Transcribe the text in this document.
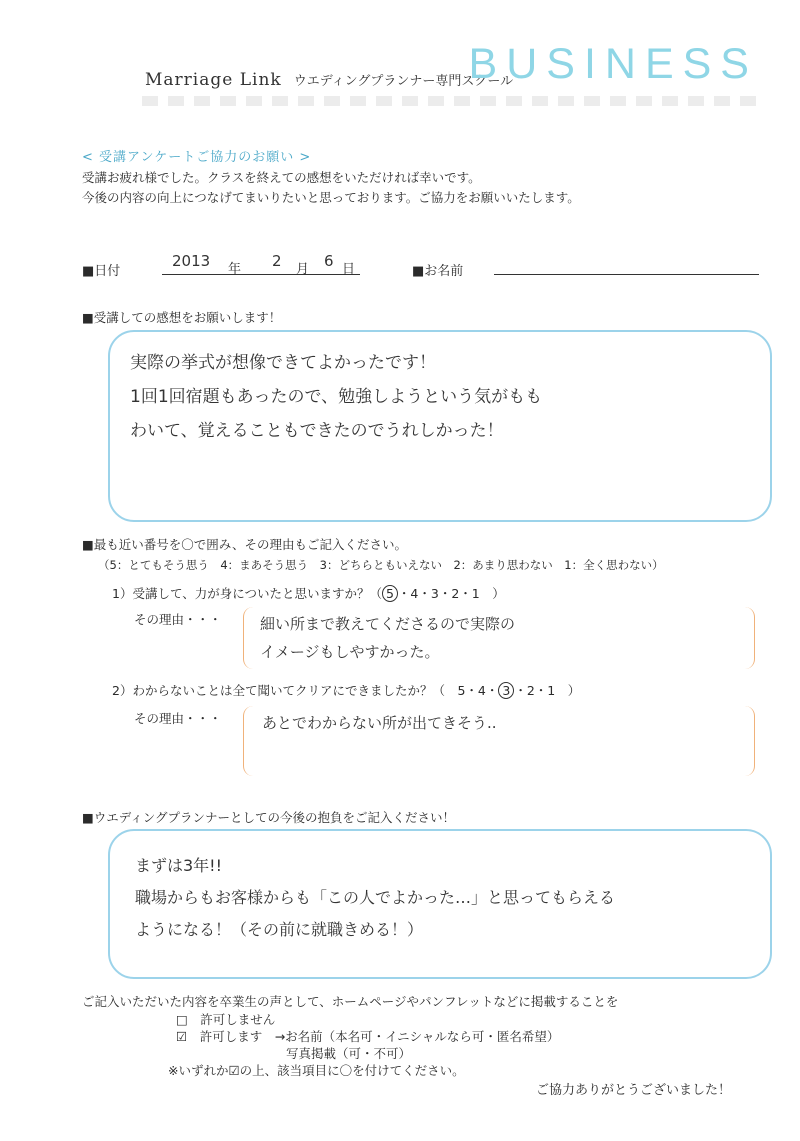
Marriage Link ウエディングプランナー専門スクール
BUSINESS
< 受講アンケートご協力のお願い >
受講お疲れ様でした。クラスを終えての感想をいただければ幸いです。
今後の内容の向上につなげてまいりたいと思っております。ご協力をお願いいたします。
■日付
2013 年 2 月 6 日	■お名前
■受講しての感想をお願いします！
実際の挙式が想像できてよかったです！
1回1回宿題もあったので、勉強しようという気がもも
わいて、覚えることもできたのでうれしかった！
■最も近い番号を〇で囲み、その理由もご記入ください。
（5：とてもそう思う　4：まあそう思う　3：どちらともいえない　2：あまり思わない　1：全く思わない）
1）受講して、力が身についたと思いますか？（ 5 ・4・3・2・1　）
その理由・・・	細い所まで教えてくださるので実際の
イメージもしやすかった。
2）わからないことは全て聞いてクリアにできましたか？（　5・4・ 3 ・2・1　）
その理由・・・	あとでわからない所が出てきそう..
■ウエディングプランナーとしての今後の抱負をご記入ください！
まずは3年!!
職場からもお客様からも「この人でよかった…」と思ってもらえる
ようになる！（その前に就職きめる！）
ご記入いただいた内容を卒業生の声として、ホームページやパンフレットなどに掲載することを
□　許可しません
☑　許可します　→お名前（本名可・イニシャルなら可・匿名希望）
写真掲載（可・不可）
※いずれか☑の上、該当項目に〇を付けてください。
ご協力ありがとうございました！
